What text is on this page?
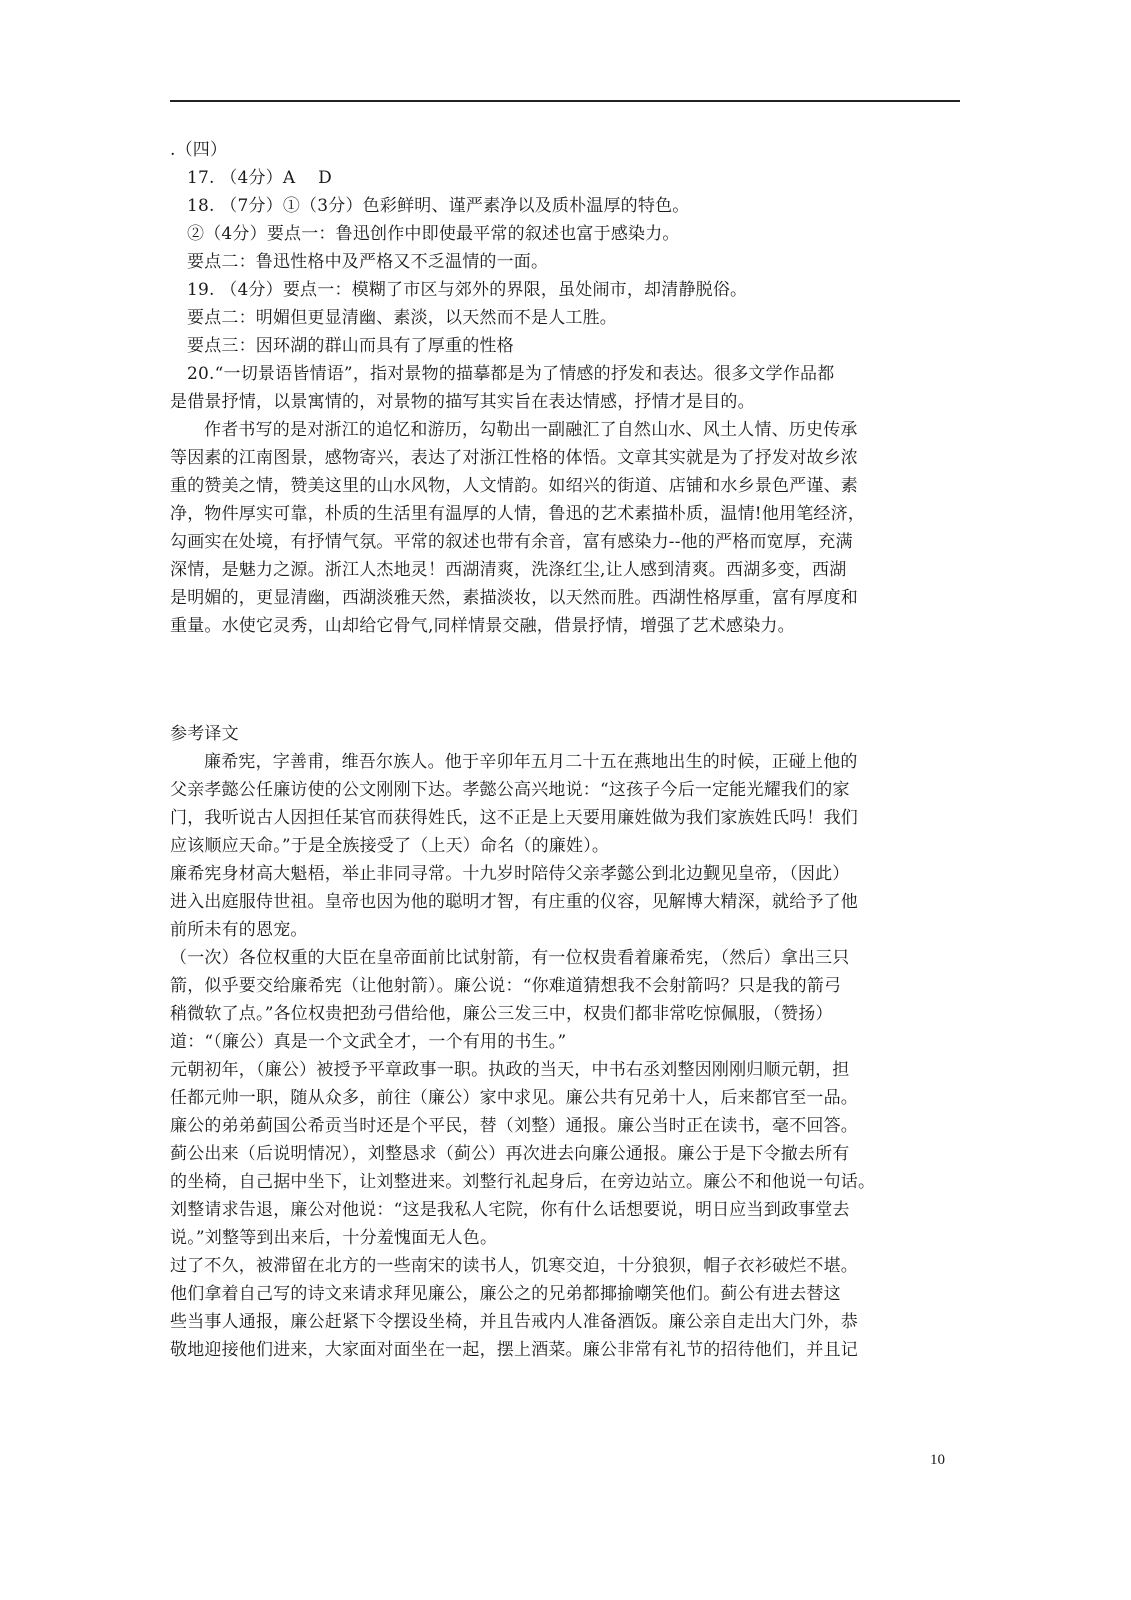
.（四）
17. （4分）A　 D
18. （7分）①（3分）色彩鲜明、谨严素净以及质朴温厚的特色。
②（4分）要点一：鲁迅创作中即使最平常的叙述也富于感染力。
要点二：鲁迅性格中及严格又不乏温情的一面。
19. （4分）要点一：模糊了市区与郊外的界限，虽处闹市，却清静脱俗。
要点二：明媚但更显清幽、素淡，以天然而不是人工胜。
要点三：因环湖的群山而具有了厚重的性格
20.“一切景语皆情语”，指对景物的描摹都是为了情感的抒发和表达。很多文学作品都
是借景抒情，以景寓情的，对景物的描写其实旨在表达情感，抒情才是目的。
作者书写的是对浙江的追忆和游历，勾勒出一副融汇了自然山水、风土人情、历史传承
等因素的江南图景，感物寄兴，表达了对浙江性格的体悟。文章其实就是为了抒发对故乡浓
重的赞美之情，赞美这里的山水风物，人文情韵。如绍兴的街道、店铺和水乡景色严谨、素
净，物件厚实可靠，朴质的生活里有温厚的人情，鲁迅的艺术素描朴质，温情!他用笔经济，
勾画实在处境，有抒情气氛。平常的叙述也带有余音，富有感染力--他的严格而宽厚，充满
深情，是魅力之源。浙江人杰地灵！西湖清爽，洗涤红尘,让人感到清爽。西湖多变，西湖
是明媚的，更显清幽，西湖淡雅天然，素描淡妆，以天然而胜。西湖性格厚重，富有厚度和
重量。水使它灵秀，山却给它骨气,同样情景交融，借景抒情，增强了艺术感染力。
参考译文
廉希宪，字善甫，维吾尔族人。他于辛卯年五月二十五在燕地出生的时候，正碰上他的
父亲孝懿公任廉访使的公文刚刚下达。孝懿公高兴地说：“这孩子今后一定能光耀我们的家
门，我听说古人因担任某官而获得姓氏，这不正是上天要用廉姓做为我们家族姓氏吗！我们
应该顺应天命。”于是全族接受了（上天）命名（的廉姓）。
廉希宪身材高大魁梧，举止非同寻常。十九岁时陪侍父亲孝懿公到北边觐见皇帝，（因此）
进入出庭服侍世祖。皇帝也因为他的聪明才智，有庄重的仪容，见解博大精深，就给予了他
前所未有的恩宠。
（一次）各位权重的大臣在皇帝面前比试射箭，有一位权贵看着廉希宪，（然后）拿出三只
箭，似乎要交给廉希宪（让他射箭）。廉公说：“你难道猜想我不会射箭吗？只是我的箭弓
稍微软了点。”各位权贵把劲弓借给他，廉公三发三中，权贵们都非常吃惊佩服，（赞扬）
道：“（廉公）真是一个文武全才，一个有用的书生。”
元朝初年，（廉公）被授予平章政事一职。执政的当天，中书右丞刘整因刚刚归顺元朝，担
任都元帅一职，随从众多，前往（廉公）家中求见。廉公共有兄弟十人，后来都官至一品。
廉公的弟弟蓟国公希贡当时还是个平民，替（刘整）通报。廉公当时正在读书，毫不回答。
蓟公出来（后说明情况），刘整恳求（蓟公）再次进去向廉公通报。廉公于是下令撤去所有
的坐椅，自己据中坐下，让刘整进来。刘整行礼起身后，在旁边站立。廉公不和他说一句话。
刘整请求告退，廉公对他说：“这是我私人宅院，你有什么话想要说，明日应当到政事堂去
说。”刘整等到出来后，十分羞愧面无人色。
过了不久，被滞留在北方的一些南宋的读书人，饥寒交迫，十分狼狈，帽子衣衫破烂不堪。
他们拿着自己写的诗文来请求拜见廉公，廉公之的兄弟都揶揄嘲笑他们。蓟公有进去替这
些当事人通报，廉公赶紧下令摆设坐椅，并且告戒内人准备酒饭。廉公亲自走出大门外，恭
敬地迎接他们进来，大家面对面坐在一起，摆上酒菜。廉公非常有礼节的招待他们，并且记
10
